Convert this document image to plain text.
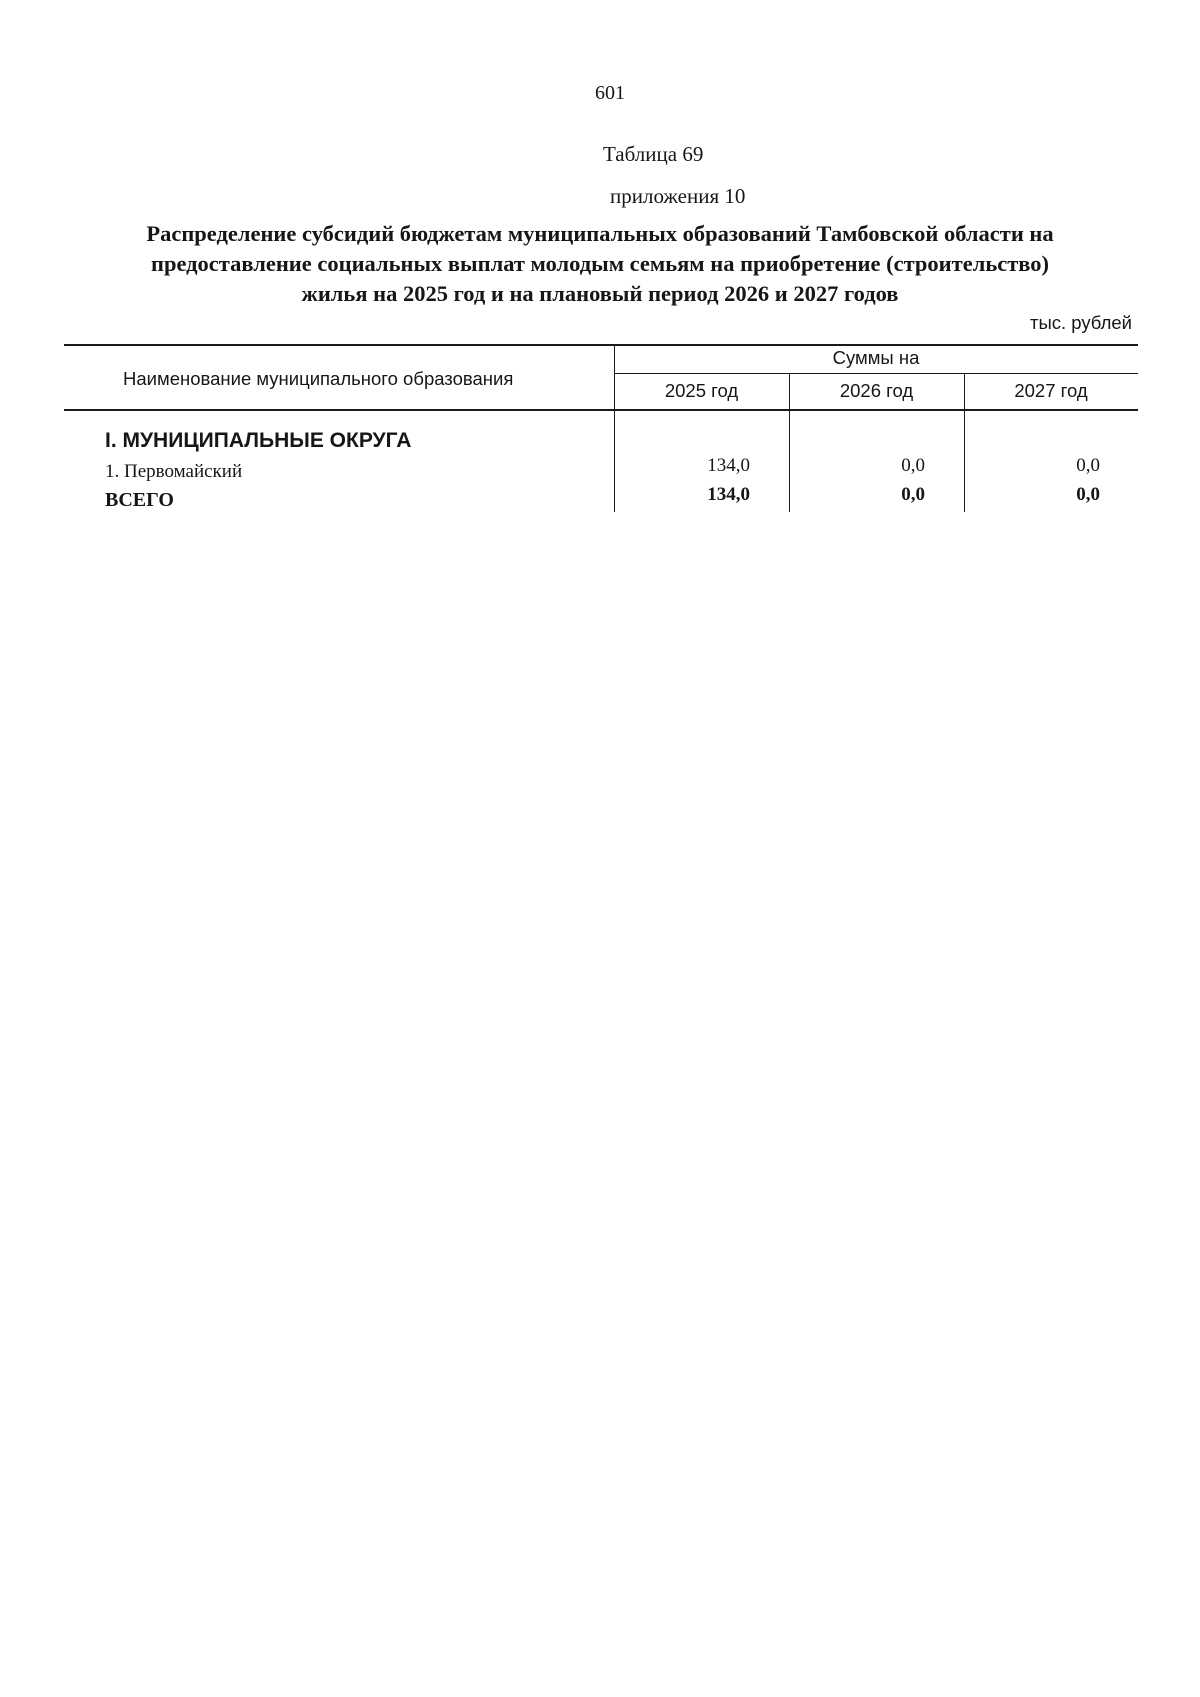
601
Таблица 69
приложения 10
Распределение субсидий бюджетам муниципальных образований Тамбовской области на
предоставление социальных выплат молодым семьям на приобретение (строительство)
жилья на 2025 год и на плановый период 2026 и 2027 годов
тыс. рублей
Наименование муниципального образования
Суммы на
2025 год	2026 год	2027 год
I. МУНИЦИПАЛЬНЫЕ ОКРУГА
1. Первомайский	134,0	0,0	0,0
ВСЕГО	134,0	0,0	0,0
